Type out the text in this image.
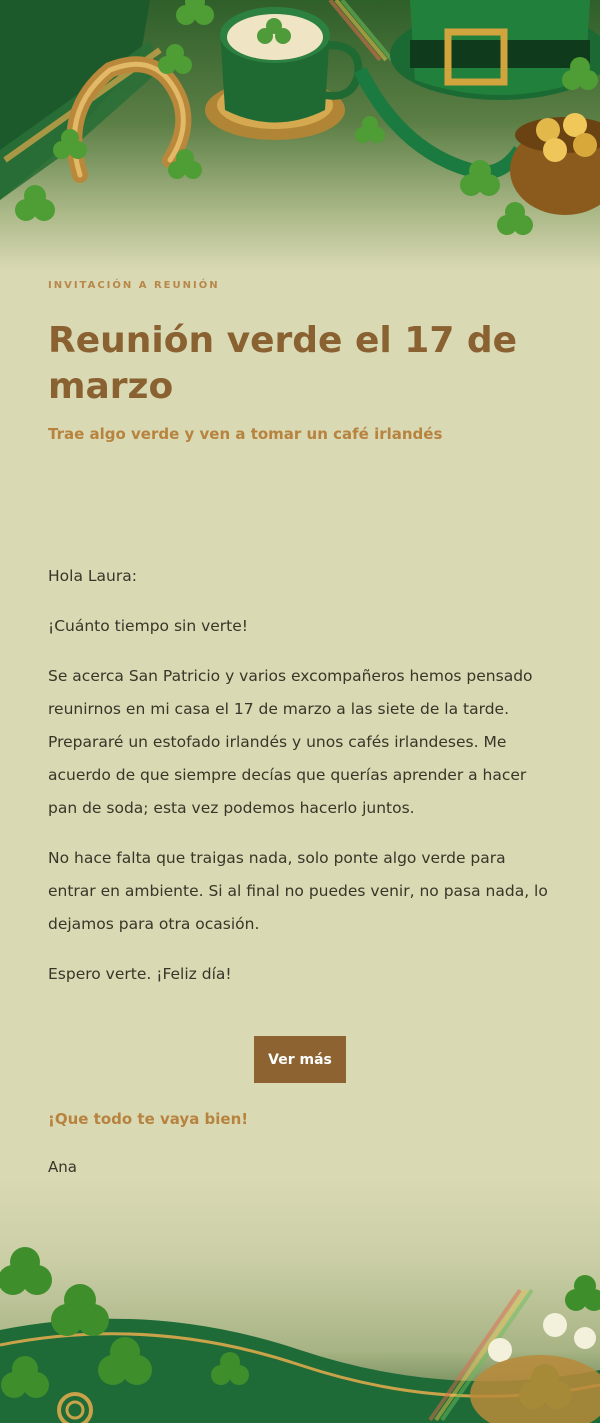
INVITACIÓN A REUNIÓN
Reunión verde el 17 de marzo

Trae algo verde y ven a tomar un café irlandés

Hola Laura:

¡Cuánto tiempo sin verte!

Se acerca San Patricio y varios excompañeros hemos pensado reunirnos en mi casa el 17 de marzo a las siete de la tarde. Prepararé un estofado irlandés y unos cafés irlandeses. Me acuerdo de que siempre decías que querías aprender a hacer pan de soda; esta vez podemos hacerlo juntos.

No hace falta que traigas nada, solo ponte algo verde para entrar en ambiente. Si al final no puedes venir, no pasa nada, lo dejamos para otra ocasión.

Espero verte. ¡Feliz día!

Ver más
¡Que todo te vaya bien!
Ana
